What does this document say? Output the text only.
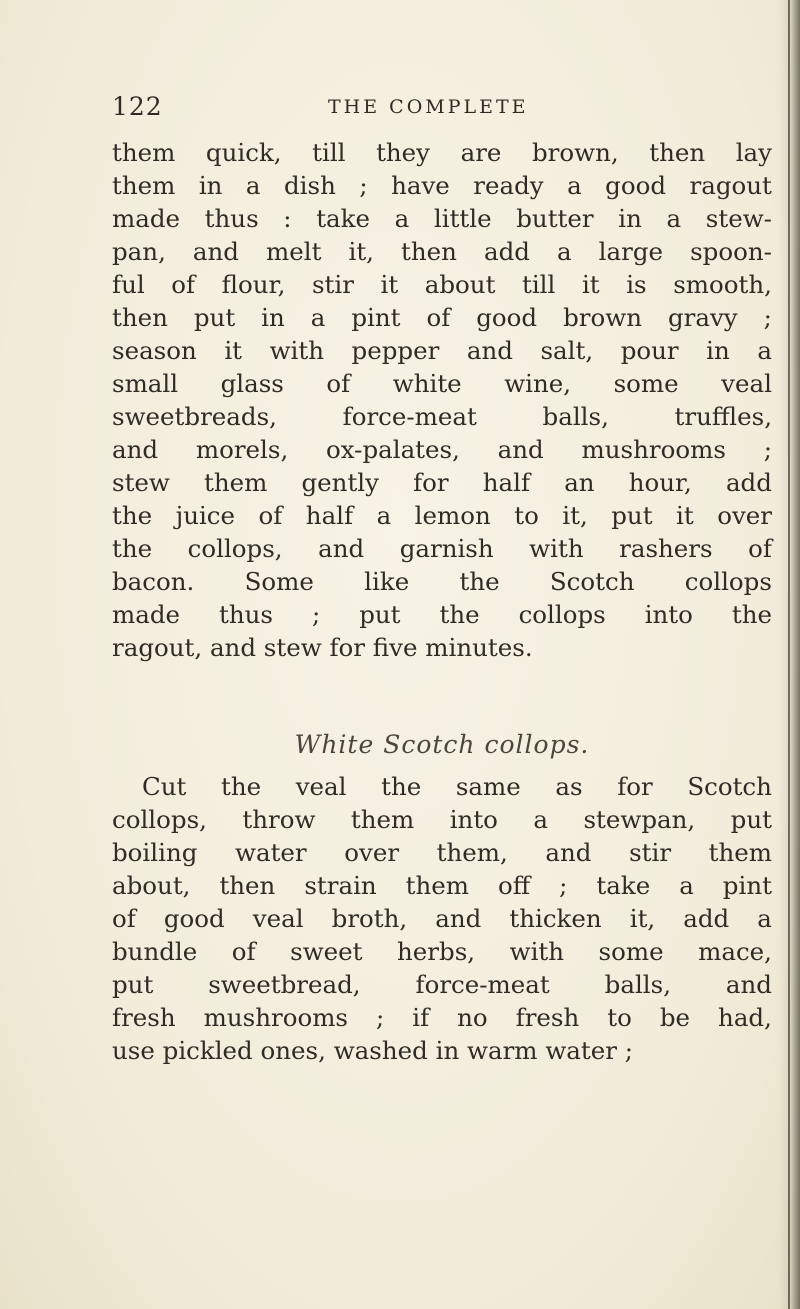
122	THE COMPLETE
them quick, till they are brown, then lay
them in a dish ; have ready a good ragout
made thus : take a little butter in a stew-
pan, and melt it, then add a large spoon-
ful of flour, stir it about till it is smooth,
then put in a pint of good brown gravy ;
season it with pepper and salt, pour in a
small glass of white wine, some veal
sweetbreads,	force-meat	balls,	truffles,
and morels, ox-palates, and mushrooms ;
stew them gently for half an hour, add
the juice of half a lemon to it, put it over
the collops, and garnish with rashers of
bacon. Some like the Scotch collops
made thus ; put the collops into the
ragout, and stew for five minutes.
White Scotch collops.
Cut the veal the same as for Scotch
collops, throw them into a stewpan, put
boiling water over them, and stir them
about, then strain them off ; take a pint
of good veal broth, and thicken it, add a
bundle of sweet herbs, with some mace,
put sweetbread, force-meat balls, and
fresh mushrooms ; if no fresh to be had,
use pickled ones, washed in warm water ;
